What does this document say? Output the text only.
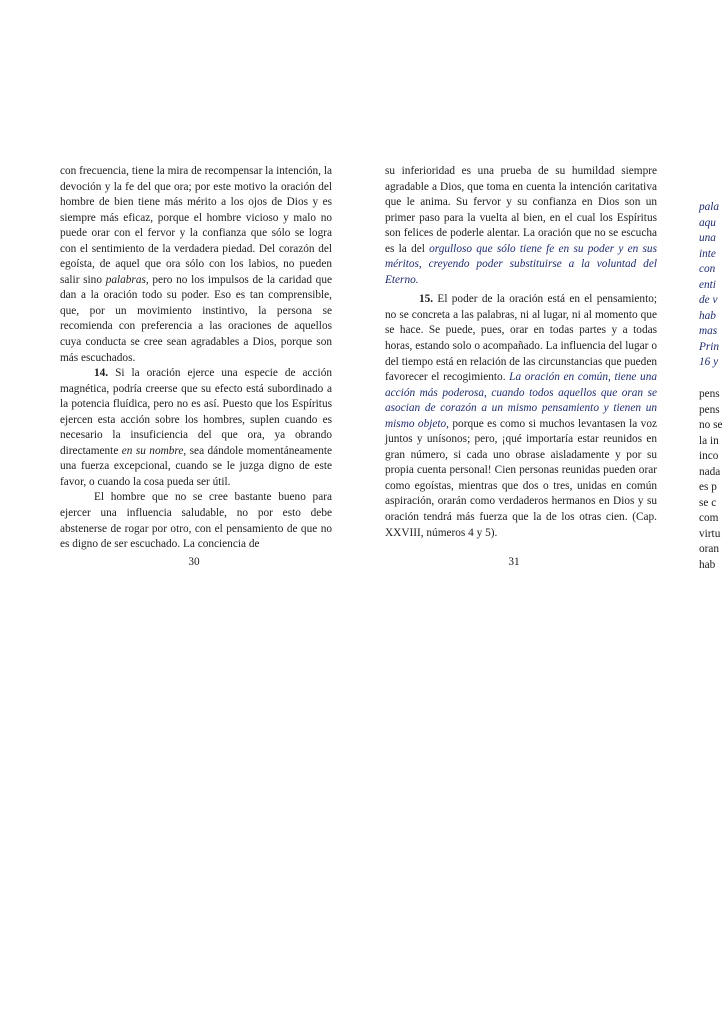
con frecuencia, tiene la mira de recompensar la intención, la devoción y la fe del que ora; por este motivo la oración del hombre de bien tiene más mérito a los ojos de Dios y es siempre más eficaz, porque el hombre vicioso y malo no puede orar con el fervor y la confianza que sólo se logra con el sentimiento de la verdadera piedad. Del corazón del egoísta, de aquel que ora sólo con los labios, no pueden salir sino palabras, pero no los impulsos de la caridad que dan a la oración todo su poder. Eso es tan comprensible, que, por un movimiento instintivo, la persona se recomienda con preferencia a las oraciones de aquellos cuya conducta se cree sean agradables a Dios, porque son más escuchados.

14. Si la oración ejerce una especie de acción magnética, podría creerse que su efecto está subordinado a la potencia fluídica, pero no es así. Puesto que los Espíritus ejercen esta acción sobre los hombres, suplen cuando es necesario la insuficiencia del que ora, ya obrando directamente en su nombre, sea dándole momentáneamente una fuerza excepcional, cuando se le juzga digno de este favor, o cuando la cosa pueda ser útil.

El hombre que no se cree bastante bueno para ejercer una influencia saludable, no por esto debe abstenerse de rogar por otro, con el pensamiento de que no es digno de ser escuchado. La conciencia de

30

su inferioridad es una prueba de su humildad siempre agradable a Dios, que toma en cuenta la intención caritativa que le anima. Su fervor y su confianza en Dios son un primer paso para la vuelta al bien, en el cual los Espíritus son felices de poderle alentar. La oración que no se escucha es la del orgulloso que sólo tiene fe en su poder y en sus méritos, creyendo poder substituirse a la voluntad del Eterno.

15. El poder de la oración está en el pensamiento; no se concreta a las palabras, ni al lugar, ni al momento que se hace. Se puede, pues, orar en todas partes y a todas horas, estando solo o acompañado. La influencia del lugar o del tiempo está en relación de las circunstancias que pueden favorecer el recogimiento. La oración en común, tiene una acción más poderosa, cuando todos aquellos que oran se asocian de corazón a un mismo pensamiento y tienen un mismo objeto, porque es como si muchos levantasen la voz juntos y unísonos; pero, ¡qué importaría estar reunidos en gran número, si cada uno obrase aisladamente y por su propia cuenta personal! Cien personas reunidas pueden orar como egoístas, mientras que dos o tres, unidas en común aspiración, orarán como verdaderos hermanos en Dios y su oración tendrá más fuerza que la de los otras cien. (Cap. XXVIII, números 4 y 5).

31
pala
aqu
una
inte
con
enti
de v
hab
mas
Prin
16 y
pens
pens
no se
la in
inco
nada
es p
se c
com
virtu
oran
hab
